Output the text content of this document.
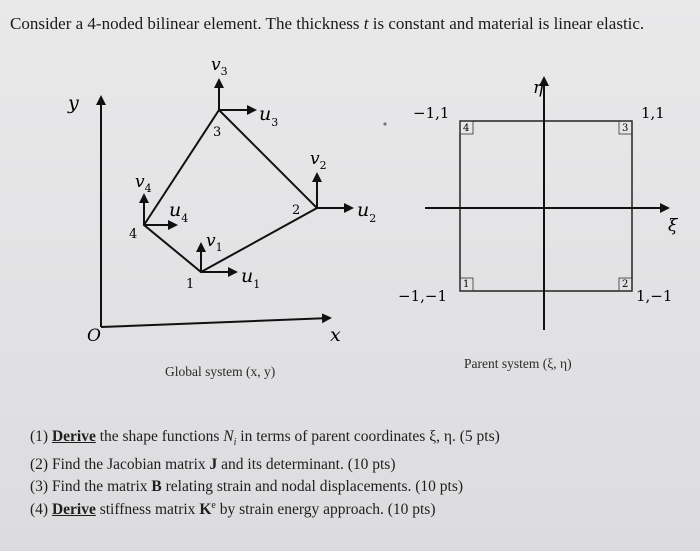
Consider a 4-noded bilinear element. The thickness t is constant and material is linear elastic.
y
x
O
1
$v_1$
$u_1$
2
$v_2$
$u_2$
3
$v_3$
$u_3$
4
$v_4$
$u_4$
η
ξ
1	2
3
4
−1,1	1,1
−1,−1	1,−1
Global system (x, y)
Parent system (ξ, η)
(1) Derive the shape functions $N_i$ in terms of parent coordinates ξ, η. (5 pts)
(2) Find the Jacobian matrix J and its determinant. (10 pts)
(3) Find the matrix B relating strain and nodal displacements. (10 pts)
(4) Derive stiffness matrix $K^e$ by strain energy approach. (10 pts)
